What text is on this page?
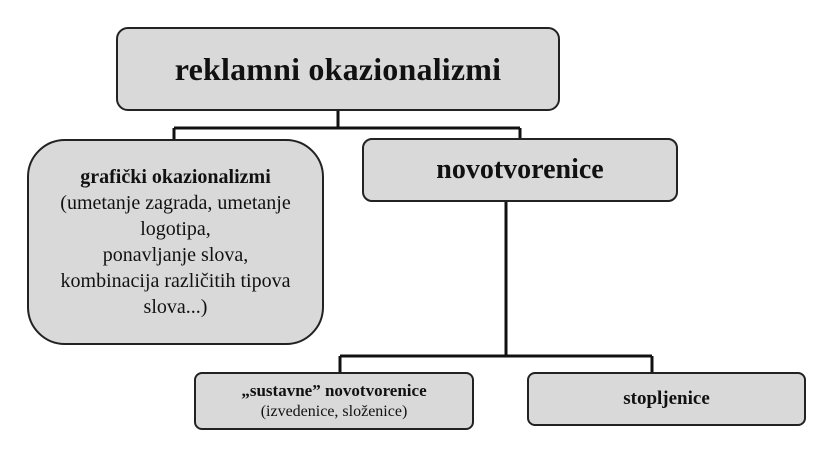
reklamni okazionalizmi
grafički okazionalizmi
(umetanje zagrada, umetanje
logotipa,
ponavljanje slova,
kombinacija različitih tipova
slova...)
novotvorenice
„sustavne” novotvorenice
(izvedenice, složenice)
stopljenice
